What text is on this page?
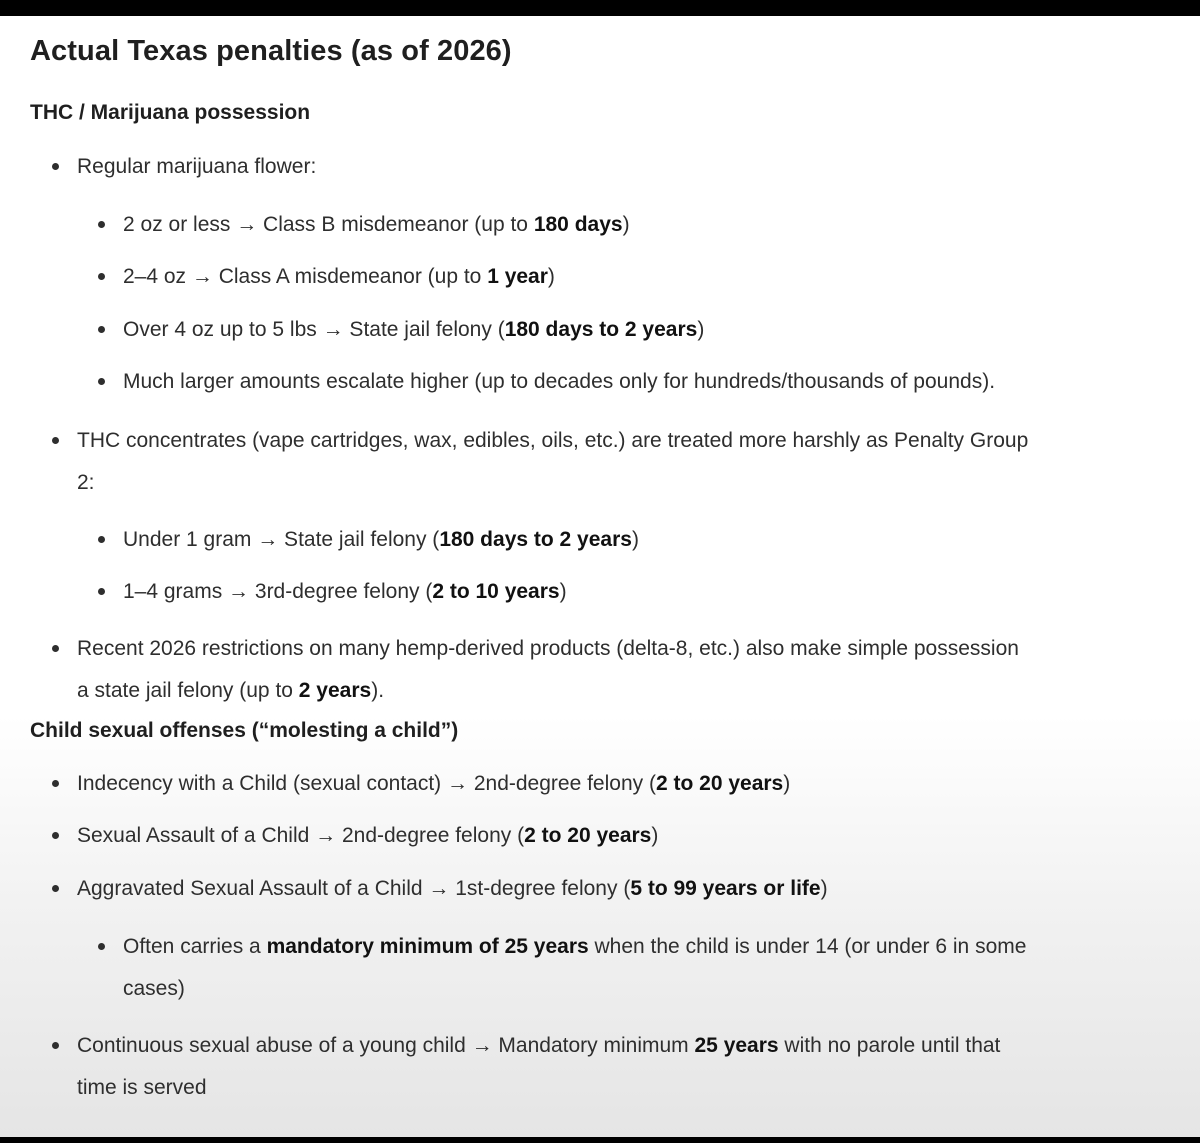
Actual Texas penalties (as of 2026)
THC / Marijuana possession
Regular marijuana flower:
2 oz or less → Class B misdemeanor (up to 180 days)
2–4 oz → Class A misdemeanor (up to 1 year)
Over 4 oz up to 5 lbs → State jail felony (180 days to 2 years)
Much larger amounts escalate higher (up to decades only for hundreds/thousands of pounds).
THC concentrates (vape cartridges, wax, edibles, oils, etc.) are treated more harshly as Penalty Group
2:
Under 1 gram → State jail felony (180 days to 2 years)
1–4 grams → 3rd-degree felony (2 to 10 years)
Recent 2026 restrictions on many hemp-derived products (delta-8, etc.) also make simple possession
a state jail felony (up to 2 years).
Child sexual offenses (“molesting a child”)
Indecency with a Child (sexual contact) → 2nd-degree felony (2 to 20 years)
Sexual Assault of a Child → 2nd-degree felony (2 to 20 years)
Aggravated Sexual Assault of a Child → 1st-degree felony (5 to 99 years or life)
Often carries a mandatory minimum of 25 years when the child is under 14 (or under 6 in some
cases)
Continuous sexual abuse of a young child → Mandatory minimum 25 years with no parole until that
time is served
